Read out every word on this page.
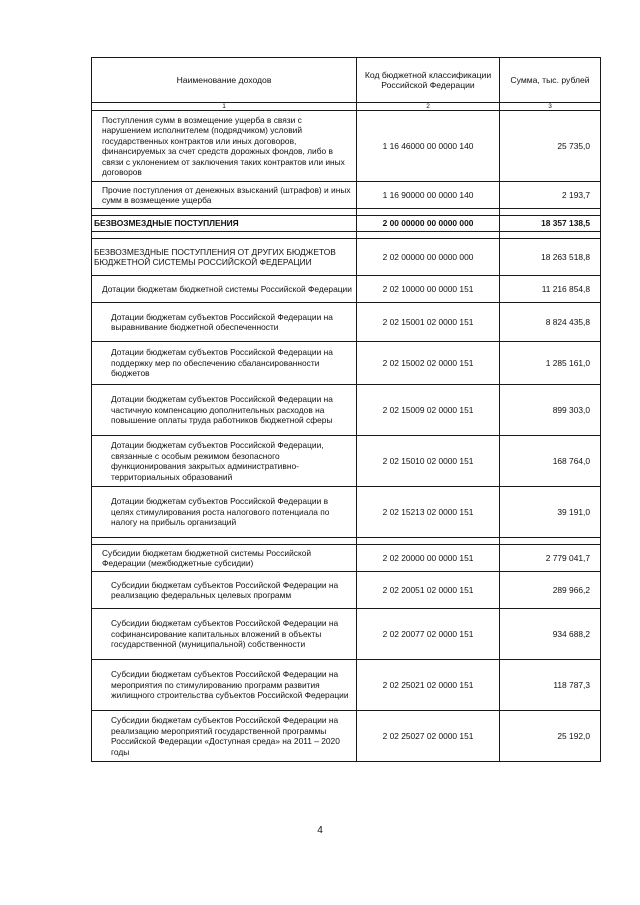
Наименование доходов	Код бюджетной классификации Российской Федерации	Сумма, тыс. рублей
1	2	3
Поступления сумм в возмещение ущерба в связи с нарушением исполнителем (подрядчиком) условий государственных контрактов или иных договоров, финансируемых за счет средств дорожных фондов, либо в связи с уклонением от заключения таких контрактов или иных договоров	1 16 46000 00 0000 140	25 735,0
Прочие поступления от денежных взысканий (штрафов) и иных сумм в возмещение ущерба	1 16 90000 00 0000 140	2 193,7

БЕЗВОЗМЕЗДНЫЕ ПОСТУПЛЕНИЯ	2 00 00000 00 0000 000	18 357 138,5

БЕЗВОЗМЕЗДНЫЕ ПОСТУПЛЕНИЯ ОТ ДРУГИХ БЮДЖЕТОВ БЮДЖЕТНОЙ СИСТЕМЫ РОССИЙСКОЙ ФЕДЕРАЦИИ	2 02 00000 00 0000 000	18 263 518,8
Дотации бюджетам бюджетной системы Российской Федерации	2 02 10000 00 0000 151	11 216 854,8
Дотации бюджетам субъектов Российской Федерации на выравнивание бюджетной обеспеченности	2 02 15001 02 0000 151	8 824 435,8
Дотации бюджетам субъектов Российской Федерации на поддержку мер по обеспечению сбалансированности бюджетов	2 02 15002 02 0000 151	1 285 161,0
Дотации бюджетам субъектов Российской Федерации на частичную компенсацию дополнительных расходов на повышение оплаты труда работников бюджетной сферы	2 02 15009 02 0000 151	899 303,0
Дотации бюджетам субъектов Российской Федерации, связанные с особым режимом безопасного функционирования закрытых административно-территориальных образований	2 02 15010 02 0000 151	168 764,0
Дотации бюджетам субъектов Российской Федерации в целях стимулирования роста налогового потенциала по налогу на прибыль организаций	2 02 15213 02 0000 151	39 191,0

Субсидии бюджетам бюджетной системы Российской Федерации (межбюджетные субсидии)	2 02 20000 00 0000 151	2 779 041,7
Субсидии бюджетам субъектов Российской Федерации на реализацию федеральных целевых программ	2 02 20051 02 0000 151	289 966,2
Субсидии бюджетам субъектов Российской Федерации на софинансирование капитальных вложений в объекты государственной (муниципальной) собственности	2 02 20077 02 0000 151	934 688,2
Субсидии бюджетам субъектов Российской Федерации на мероприятия по стимулированию программ развития жилищного строительства субъектов Российской Федерации	2 02 25021 02 0000 151	118 787,3
Субсидии бюджетам субъектов Российской Федерации на реализацию мероприятий государственной программы Российской Федерации «Доступная среда» на 2011 – 2020 годы	2 02 25027 02 0000 151	25 192,0
4
